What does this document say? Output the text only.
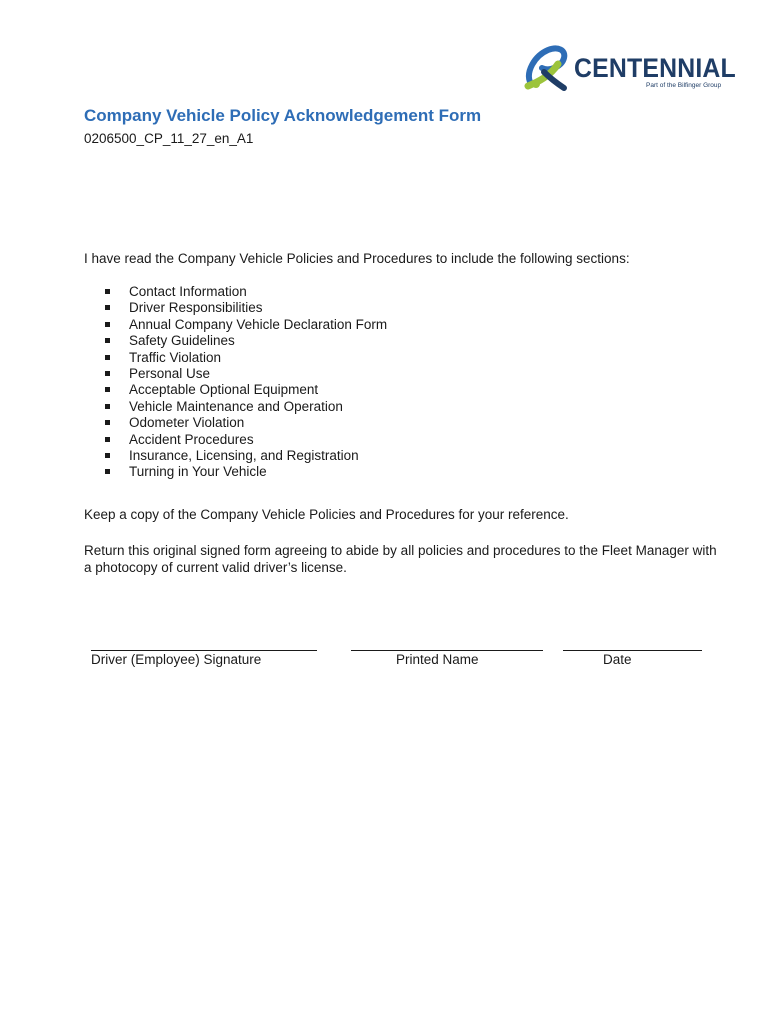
CENTENNIAL
Part of the Bilfinger Group
Company Vehicle Policy Acknowledgement Form
0206500_CP_11_27_en_A1
I have read the Company Vehicle Policies and Procedures to include the following sections:
Contact Information
Driver Responsibilities
Annual Company Vehicle Declaration Form
Safety Guidelines
Traffic Violation
Personal Use
Acceptable Optional Equipment
Vehicle Maintenance and Operation
Odometer Violation
Accident Procedures
Insurance, Licensing, and Registration
Turning in Your Vehicle
Keep a copy of the Company Vehicle Policies and Procedures for your reference.
Return this original signed form agreeing to abide by all policies and procedures to the Fleet Manager with a photocopy of current valid driver’s license.
Driver (Employee) Signature	Printed Name	Date
